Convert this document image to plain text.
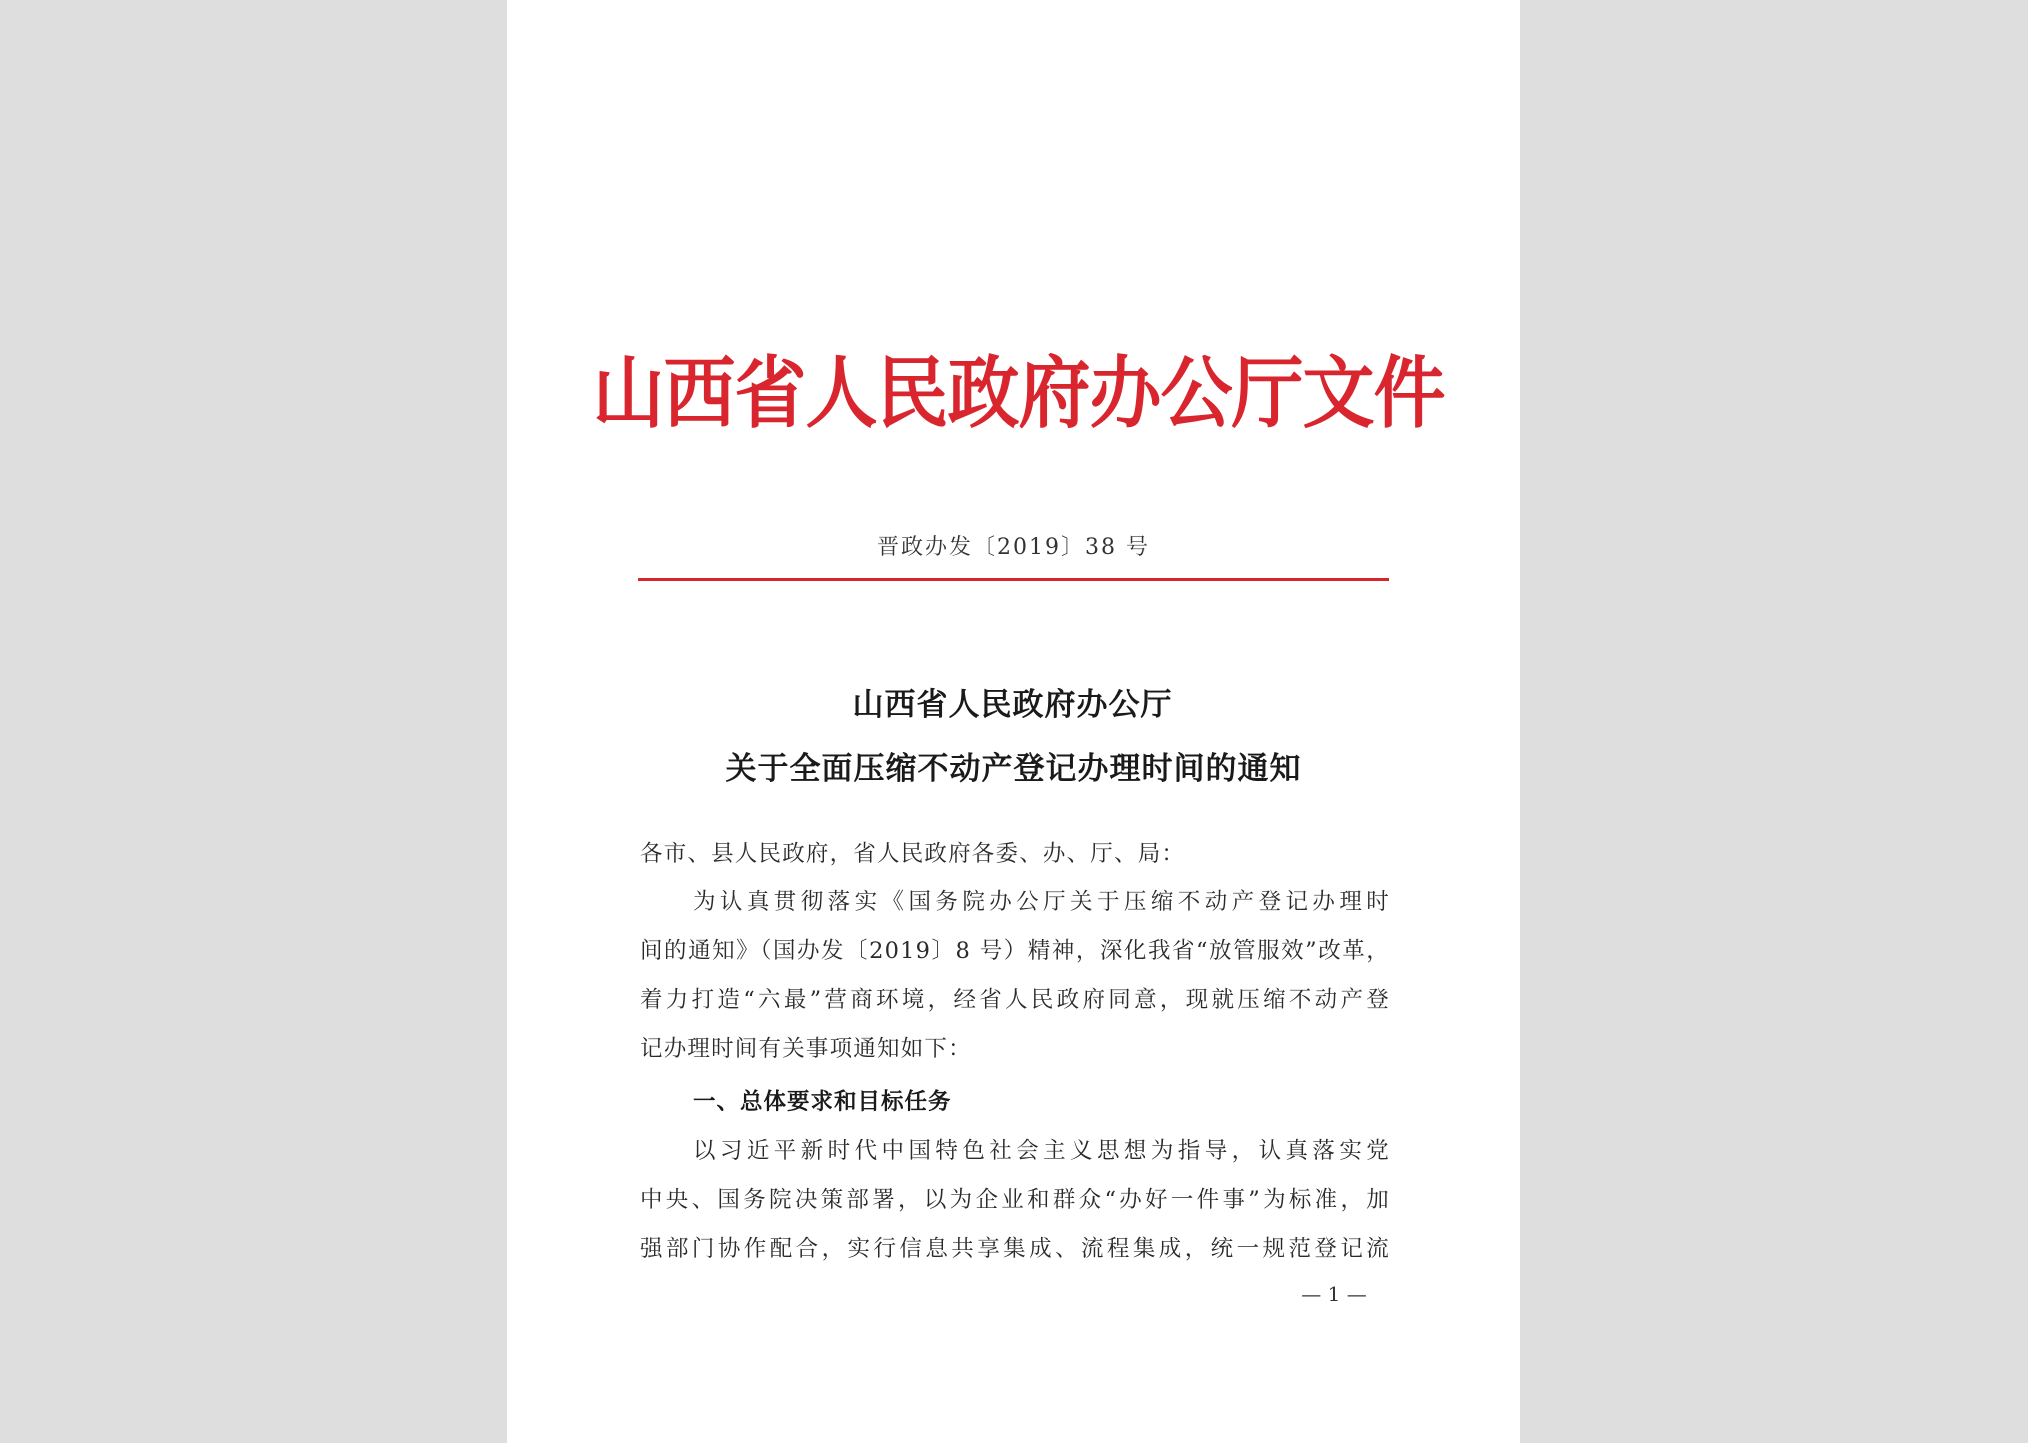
山西省人民政府办公厅文件
晋政办发〔2019〕38 号
山西省人民政府办公厅
关于全面压缩不动产登记办理时间的通知
各市、县人民政府，省人民政府各委、办、厅、局：
为认真贯彻落实《国务院办公厅关于压缩不动产登记办理时
间的通知》（国办发〔2019〕8 号）精神，深化我省“放管服效”改革，
着力打造“六最”营商环境，经省人民政府同意，现就压缩不动产登
记办理时间有关事项通知如下：
一、总体要求和目标任务
以习近平新时代中国特色社会主义思想为指导，认真落实党
中央、国务院决策部署，以为企业和群众“办好一件事”为标准，加
强部门协作配合，实行信息共享集成、流程集成，统一规范登记流
— 1 —
